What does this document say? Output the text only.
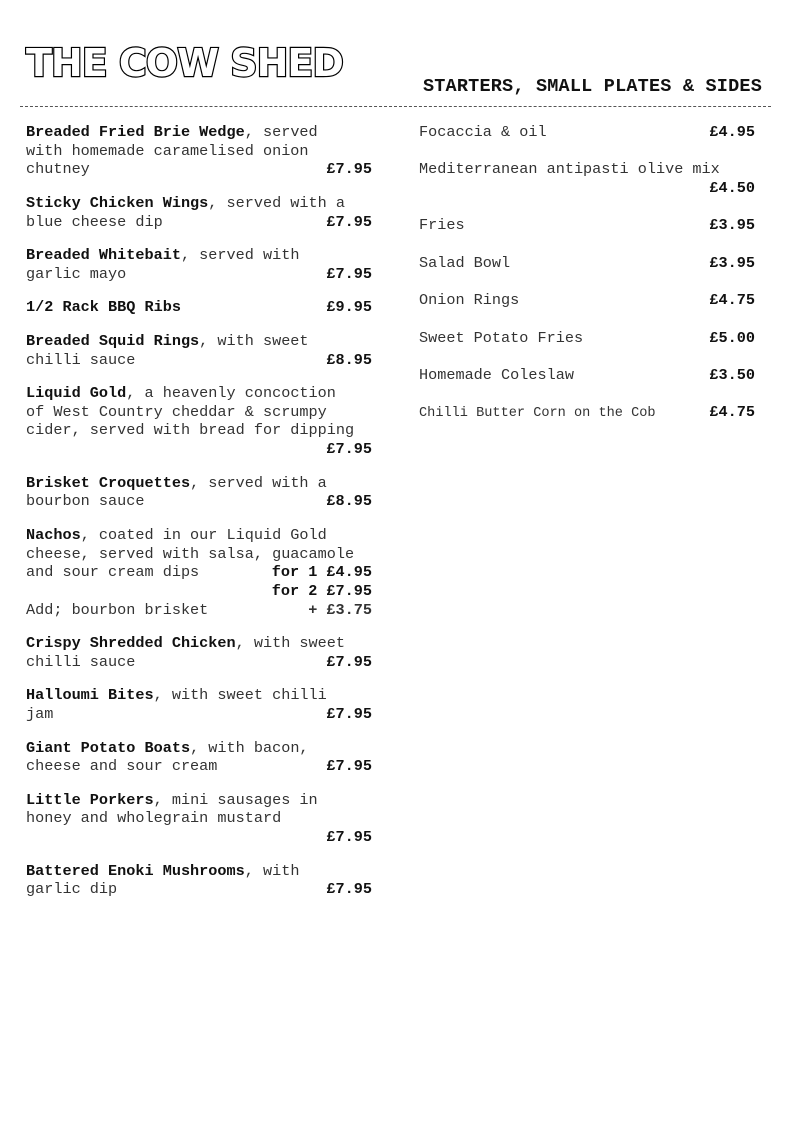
THE COW SHED
STARTERS, SMALL PLATES & SIDES
Breaded Fried Brie Wedge, served
with homemade caramelised onion
chutney	£7.95
Sticky Chicken Wings, served with a
blue cheese dip	£7.95
Breaded Whitebait, served with
garlic mayo	£7.95
1/2 Rack BBQ Ribs	£9.95
Breaded Squid Rings, with sweet
chilli sauce	£8.95
Liquid Gold, a heavenly concoction
of West Country cheddar & scrumpy
cider, served with bread for dipping
£7.95
Brisket Croquettes, served with a
bourbon sauce	£8.95
Nachos, coated in our Liquid Gold
cheese, served with salsa, guacamole
and sour cream dips	for 1 £4.95
for 2 £7.95
Add; bourbon brisket	+ £3.75
Crispy Shredded Chicken, with sweet
chilli sauce	£7.95
Halloumi Bites, with sweet chilli
jam	£7.95
Giant Potato Boats, with bacon,
cheese and sour cream	£7.95
Little Porkers, mini sausages in
honey and wholegrain mustard
£7.95
Battered Enoki Mushrooms, with
garlic dip	£7.95
Focaccia & oil	£4.95
Mediterranean antipasti olive mix
£4.50
Fries	£3.95
Salad Bowl	£3.95
Onion Rings	£4.75
Sweet Potato Fries	£5.00
Homemade Coleslaw	£3.50
Chilli Butter Corn on the Cob	£4.75
